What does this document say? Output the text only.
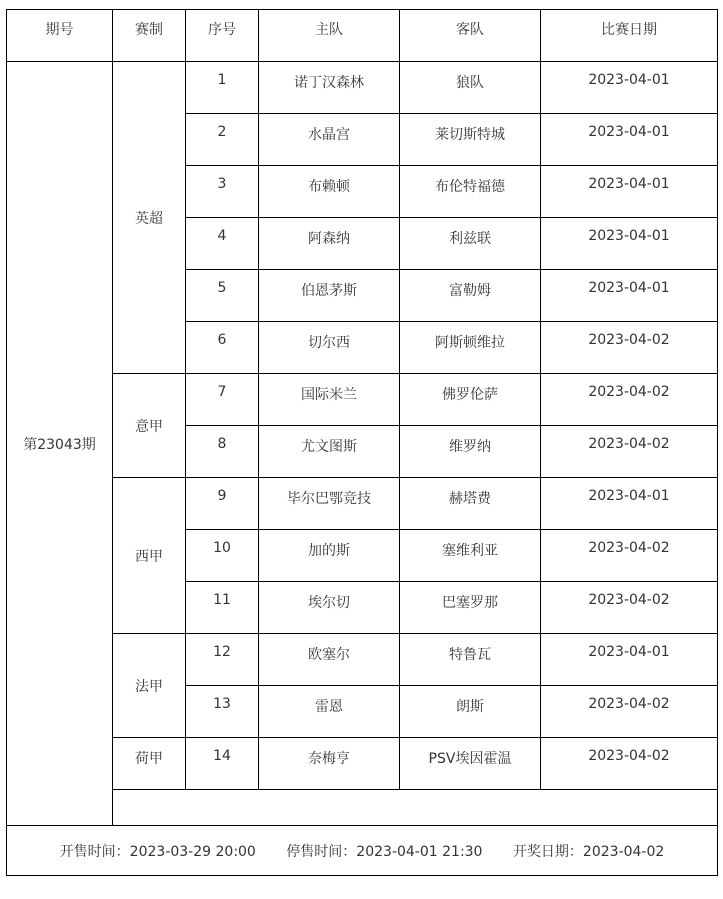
期号	赛制	序号	主队	客队	比赛日期
第23043期	英超	1	诺丁汉森林	狼队	2023-04-01
		2	水晶宫	莱切斯特城	2023-04-01
		3	布赖顿	布伦特福德	2023-04-01
		4	阿森纳	利兹联	2023-04-01
		5	伯恩茅斯	富勒姆	2023-04-01
		6	切尔西	阿斯顿维拉	2023-04-02
	意甲	7	国际米兰	佛罗伦萨	2023-04-02
		8	尤文图斯	维罗纳	2023-04-02
	西甲	9	毕尔巴鄂竞技	赫塔费	2023-04-01
		10	加的斯	塞维利亚	2023-04-02
		11	埃尔切	巴塞罗那	2023-04-02
	法甲	12	欧塞尔	特鲁瓦	2023-04-01
		13	雷恩	朗斯	2023-04-02
	荷甲	14	奈梅亨	PSV埃因霍温	2023-04-02

开售时间：2023-03-29 20:00 停售时间：2023-04-01 21:30 开奖日期：2023-04-02					
